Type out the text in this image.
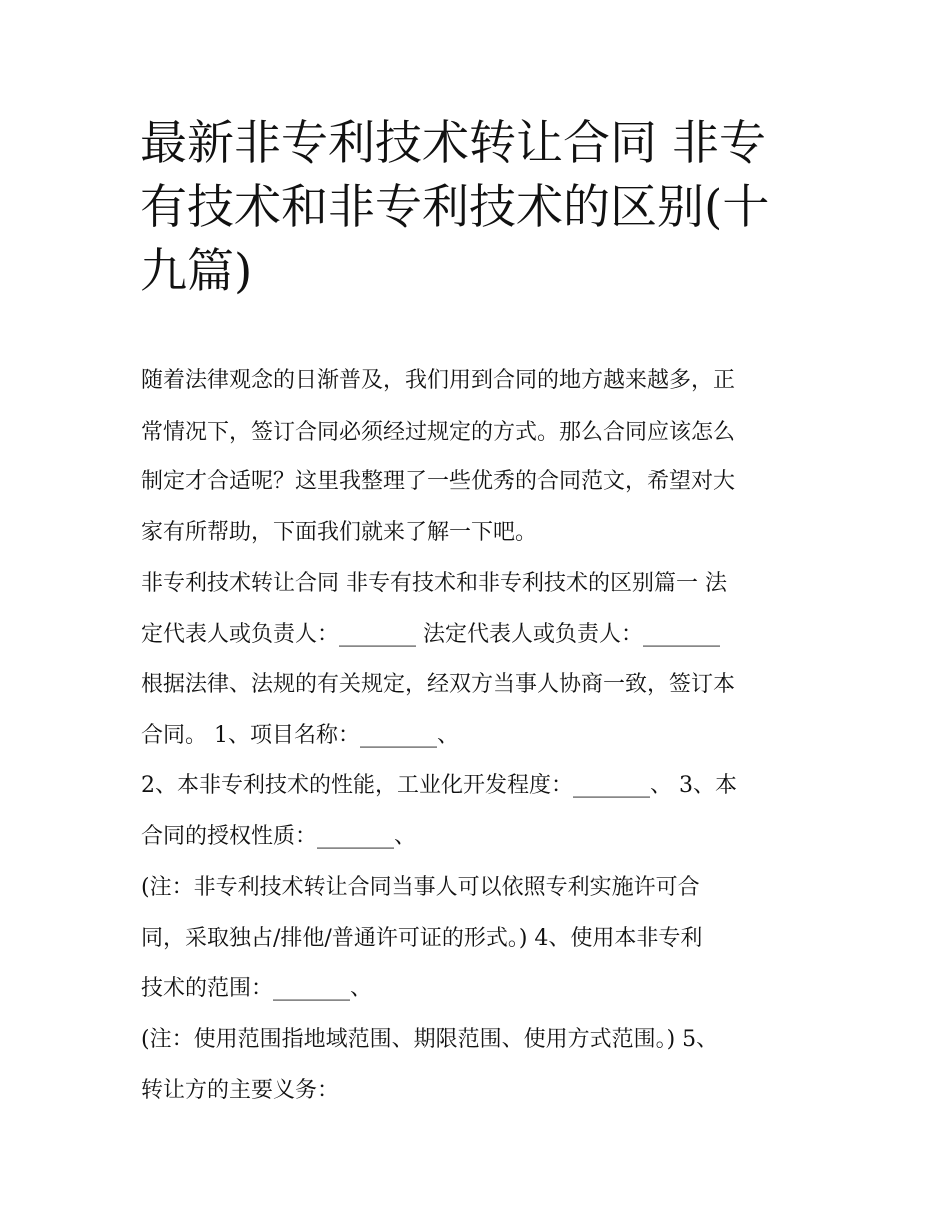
最新非专利技术转让合同 非专
有技术和非专利技术的区别(十
九篇)

随着法律观念的日渐普及，我们用到合同的地方越来越多，正

常情况下，签订合同必须经过规定的方式。那么合同应该怎么

制定才合适呢？这里我整理了一些优秀的合同范文，希望对大

家有所帮助，下面我们就来了解一下吧。

非专利技术转让合同 非专有技术和非专利技术的区别篇一 法

定代表人或负责人：_______ 法定代表人或负责人：_______

根据法律、法规的有关规定，经双方当事人协商一致，签订本

合同。 1、项目名称：_______、

2、本非专利技术的性能，工业化开发程度：_______、 3、本

合同的授权性质：_______、

(注：非专利技术转让合同当事人可以依照专利实施许可合

同，采取独占/排他/普通许可证的形式。) 4、使用本非专利

技术的范围：_______、

(注：使用范围指地域范围、期限范围、使用方式范围。) 5、

转让方的主要义务：
